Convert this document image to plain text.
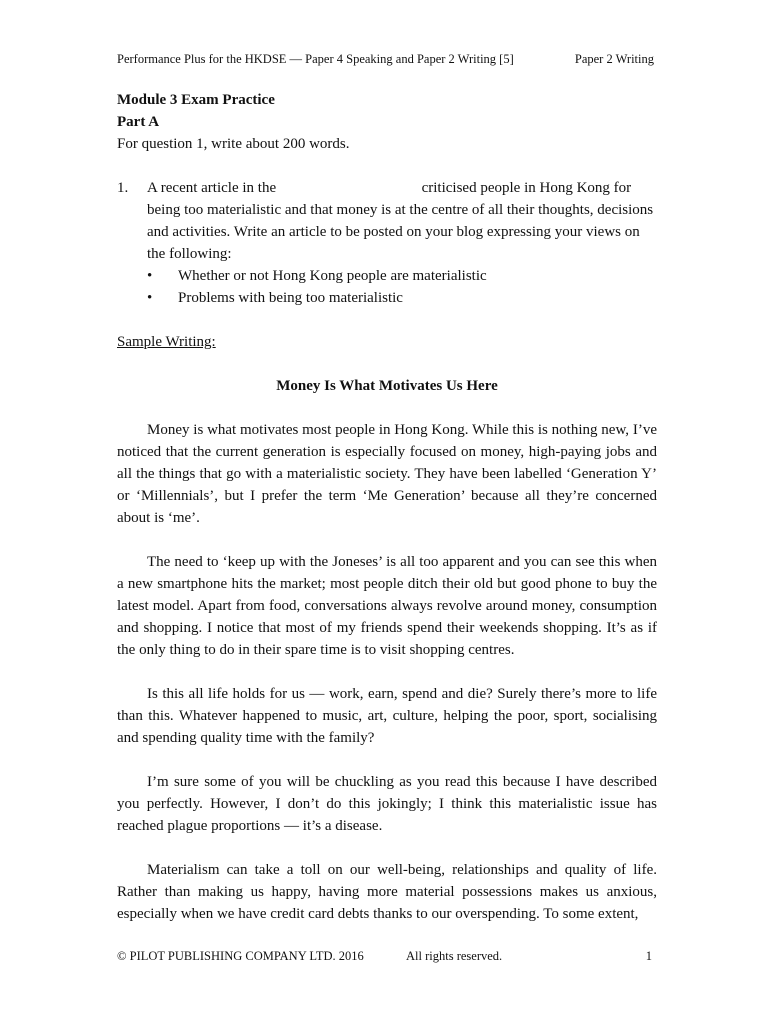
Performance Plus for the HKDSE — Paper 4 Speaking and Paper 2 Writing [5]	Paper 2 Writing

Module 3 Exam Practice

Part A

For question 1, write about 200 words.

1. A recent article in the	criticised people in Hong Kong for being too materialistic and that money is at the centre of all their thoughts, decisions and activities. Write an article to be posted on your blog expressing your views on the following:

• Whether or not Hong Kong people are materialistic
• Problems with being too materialistic

Sample Writing:

Money Is What Motivates Us Here

Money is what motivates most people in Hong Kong. While this is nothing new, I’ve noticed that the current generation is especially focused on money, high-paying jobs and all the things that go with a materialistic society. They have been labelled ‘Generation Y’ or ‘Millennials’, but I prefer the term ‘Me Generation’ because all they’re concerned about is ‘me’.

The need to ‘keep up with the Joneses’ is all too apparent and you can see this when a new smartphone hits the market; most people ditch their old but good phone to buy the latest model. Apart from food, conversations always revolve around money, consumption and shopping. I notice that most of my friends spend their weekends shopping. It’s as if the only thing to do in their spare time is to visit shopping centres.

Is this all life holds for us — work, earn, spend and die? Surely there’s more to life than this. Whatever happened to music, art, culture, helping the poor, sport, socialising and spending quality time with the family?

I’m sure some of you will be chuckling as you read this because I have described you perfectly. However, I don’t do this jokingly; I think this materialistic issue has reached plague proportions — it’s a disease.

Materialism can take a toll on our well-being, relationships and quality of life. Rather than making us happy, having more material possessions makes us anxious, especially when we have credit card debts thanks to our overspending. To some extent,

© PILOT PUBLISHING COMPANY LTD. 2016	All rights reserved.	1
